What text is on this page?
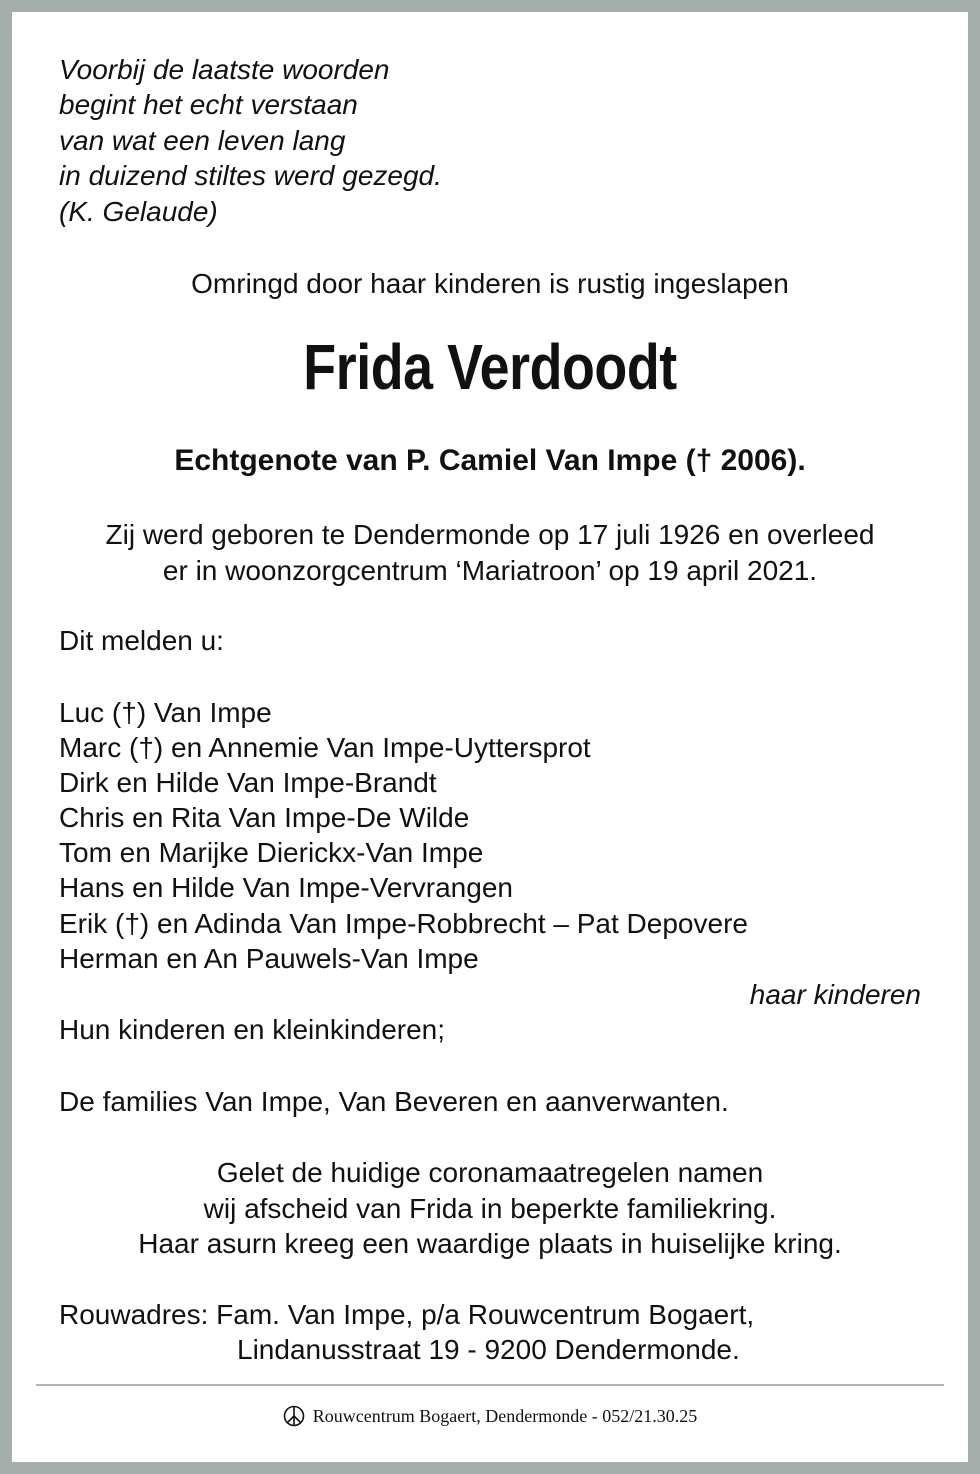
Voorbij de laatste woorden
begint het echt verstaan
van wat een leven lang
in duizend stiltes werd gezegd.
(K. Gelaude)
Omringd door haar kinderen is rustig ingeslapen
Frida Verdoodt
Echtgenote van P. Camiel Van Impe († 2006).
Zij werd geboren te Dendermonde op 17 juli 1926 en overleed
er in woonzorgcentrum ‘Mariatroon’ op 19 april 2021.
Dit melden u:
Luc (†) Van Impe
Marc (†) en Annemie Van Impe-Uyttersprot
Dirk en Hilde Van Impe-Brandt
Chris en Rita Van Impe-De Wilde
Tom en Marijke Dierickx-Van Impe
Hans en Hilde Van Impe-Vervrangen
Erik (†) en Adinda Van Impe-Robbrecht – Pat Depovere
Herman en An Pauwels-Van Impe
haar kinderen
Hun kinderen en kleinkinderen;
De families Van Impe, Van Beveren en aanverwanten.
Gelet de huidige coronamaatregelen namen
wij afscheid van Frida in beperkte familiekring.
Haar asurn kreeg een waardige plaats in huiselijke kring.
Rouwadres: Fam. Van Impe, p/a Rouwcentrum Bogaert,
Lindanusstraat 19 - 9200 Dendermonde.
Rouwcentrum Bogaert, Dendermonde - 052/21.30.25
